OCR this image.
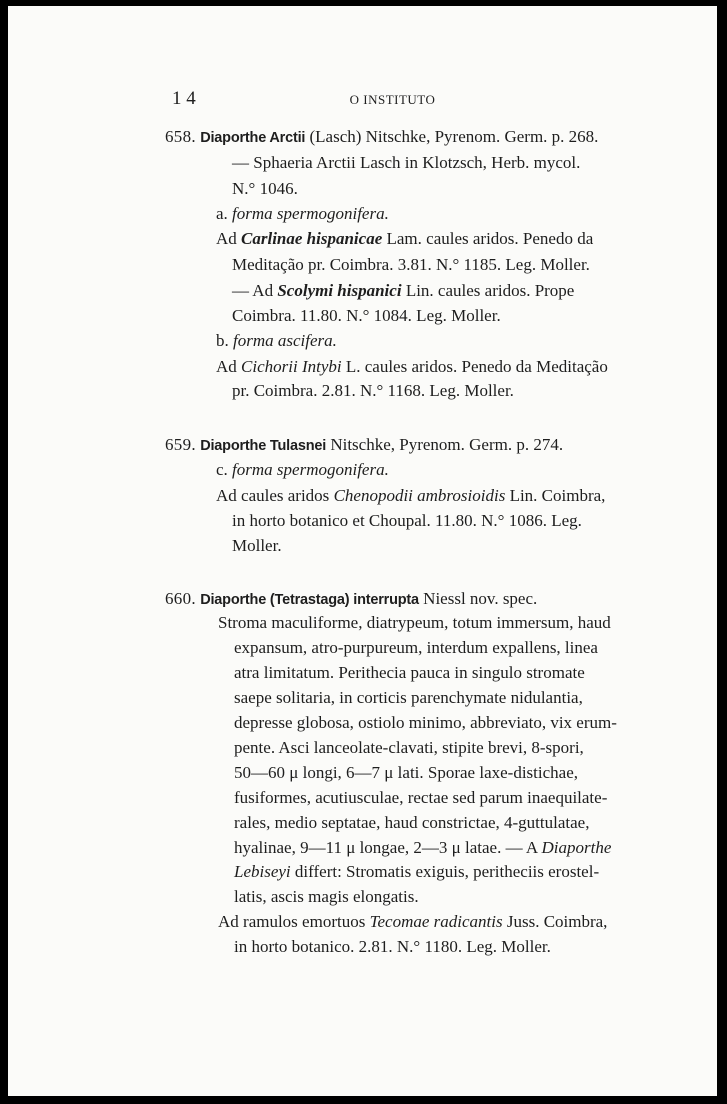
1 4	O INSTITUTO
658. Diaporthe Arctii (Lasch) Nitschke, Pyrenom. Germ. p. 268.
— Sphaeria Arctii Lasch in Klotzsch, Herb. mycol.
N.° 1046.
a. forma spermogonifera.
Ad Carlinae hispanicae Lam. caules aridos. Penedo da
Meditação pr. Coimbra. 3.81. N.° 1185. Leg. Moller.
— Ad Scolymi hispanici Lin. caules aridos. Prope
Coimbra. 11.80. N.° 1084. Leg. Moller.
b. forma ascifera.
Ad Cichorii Intybi L. caules aridos. Penedo da Meditação
pr. Coimbra. 2.81. N.° 1168. Leg. Moller.
659. Diaporthe Tulasnei Nitschke, Pyrenom. Germ. p. 274.
c. forma spermogonifera.
Ad caules aridos Chenopodii ambrosioidis Lin. Coimbra,
in horto botanico et Choupal. 11.80. N.° 1086. Leg.
Moller.
660. Diaporthe (Tetrastaga) interrupta Niessl nov. spec.
Stroma maculiforme, diatrypeum, totum immersum, haud
expansum, atro-purpureum, interdum expallens, linea
atra limitatum. Perithecia pauca in singulo stromate
saepe solitaria, in corticis parenchymate nidulantia,
depresse globosa, ostiolo minimo, abbreviato, vix erum-
pente. Asci lanceolate-clavati, stipite brevi, 8-spori,
50—60 μ longi, 6—7 μ lati. Sporae laxe-distichae,
fusiformes, acutiusculae, rectae sed parum inaequilate-
rales, medio septatae, haud constrictae, 4-guttulatae,
hyalinae, 9—11 μ longae, 2—3 μ latae. — A Diaporthe
Lebiseyi differt: Stromatis exiguis, peritheciis erostel-
latis, ascis magis elongatis.
Ad ramulos emortuos Tecomae radicantis Juss. Coimbra,
in horto botanico. 2.81. N.° 1180. Leg. Moller.
